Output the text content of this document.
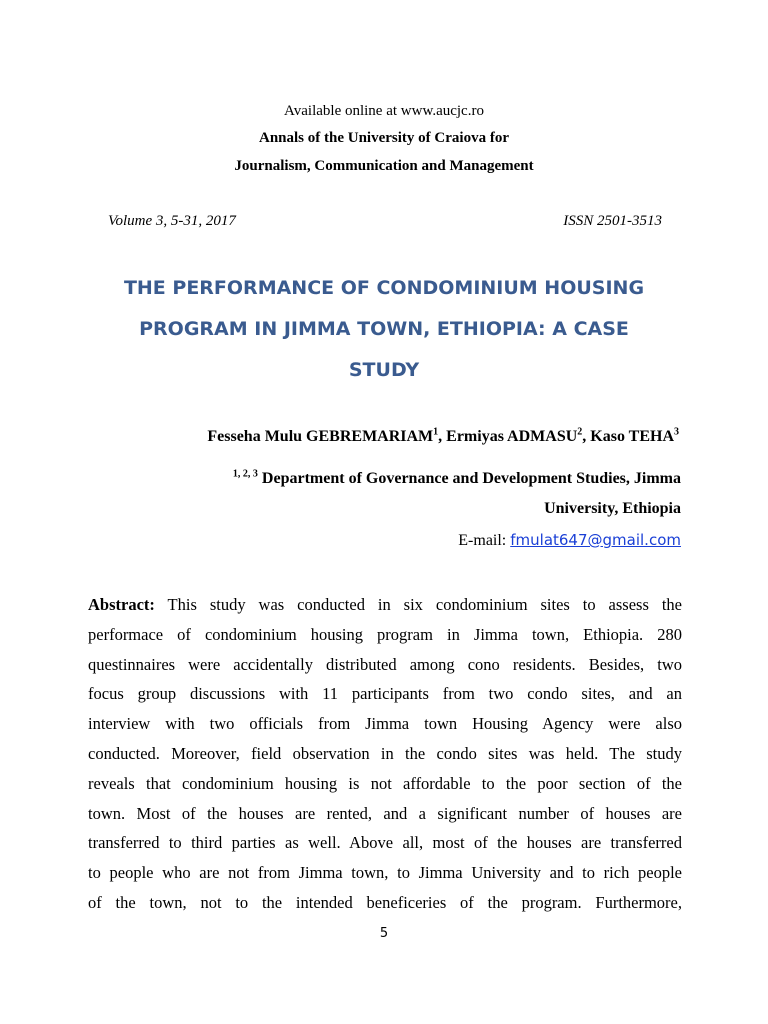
Available online at www.aucjc.ro
Annals of the University of Craiova for
Journalism, Communication and Management
Volume 3, 5-31, 2017	ISSN 2501-3513
THE PERFORMANCE OF CONDOMINIUM HOUSING
PROGRAM IN JIMMA TOWN, ETHIOPIA: A CASE
STUDY
Fesseha Mulu GEBREMARIAM$^1$, Ermiyas ADMASU$^2$, Kaso TEHA$^3$
$^{1, 2, 3}$ Department of Governance and Development Studies, Jimma
University, Ethiopia
E-mail: fmulat647@gmail.com
Abstract: This study was conducted in six condominium sites to assess the
performace of condominium housing program in Jimma town, Ethiopia. 280
questinnaires were accidentally distributed among cono residents. Besides, two
focus group discussions with 11 participants from two condo sites, and an
interview with two officials from Jimma town Housing Agency were also
conducted. Moreover, field observation in the condo sites was held. The study
reveals that condominium housing is not affordable to the poor section of the
town. Most of the houses are rented, and a significant number of houses are
transferred to third parties as well. Above all, most of the houses are transferred
to people who are not from Jimma town, to Jimma University and to rich people
of the town, not to the intended beneficeries of the program. Furthermore,
5
